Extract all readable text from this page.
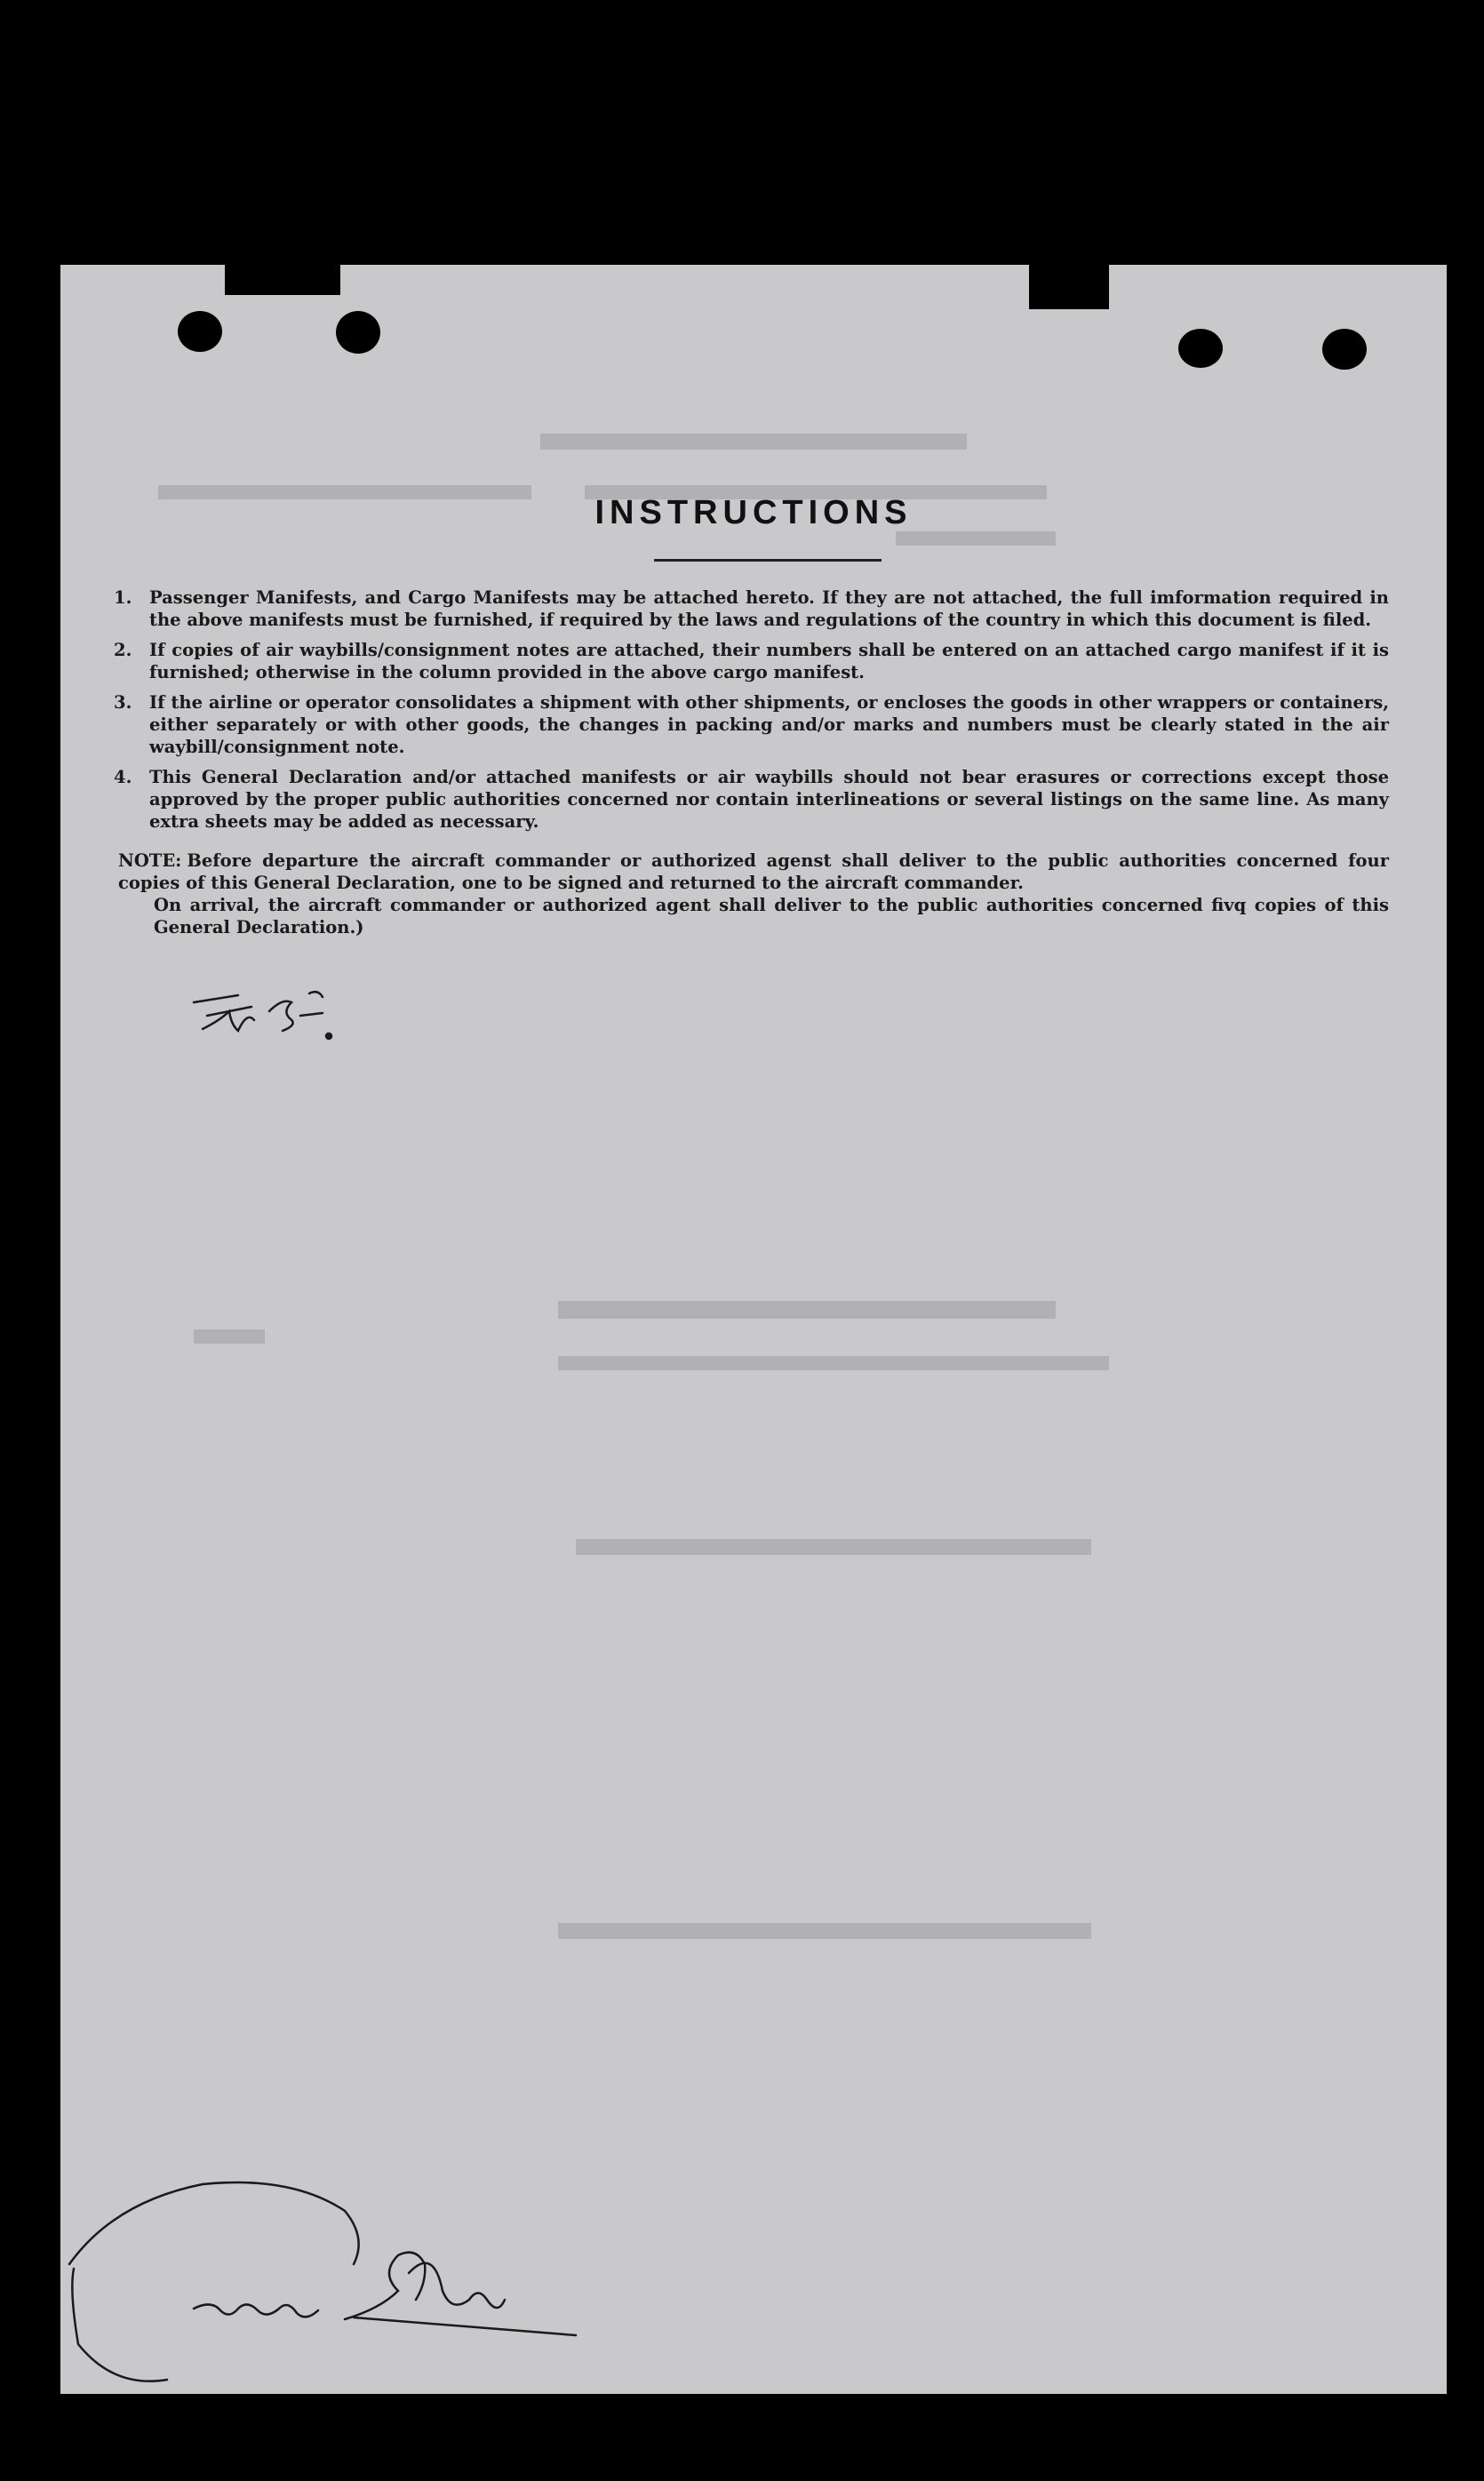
INSTRUCTIONS
1.	Passenger Manifests, and Cargo Manifests may be attached hereto. If they are not attached, the full imformation required in the above manifests must be furnished, if required by the laws and regulations of the country in which this document is filed.
2.	If copies of air waybills/consignment notes are attached, their numbers shall be entered on an attached cargo manifest if it is furnished; otherwise in the column provided in the above cargo manifest.
3.	If the airline or operator consolidates a shipment with other shipments, or encloses the goods in other wrappers or containers, either separately or with other goods, the changes in packing and/or marks and numbers must be clearly stated in the air waybill/consignment note.
4.	This General Declaration and/or attached manifests or air waybills should not bear erasures or corrections except those approved by the proper public authorities concerned nor contain interlineations or several listings on the same line. As many extra sheets may be added as necessary.
NOTE: Before departure the aircraft commander or authorized agenst shall deliver to the public authorities concerned four copies of this General Declaration, one to be signed and returned to the aircraft commander.
On arrival, the aircraft commander or authorized agent shall deliver to the public authorities concerned fivq copies of this General Declaration.)
